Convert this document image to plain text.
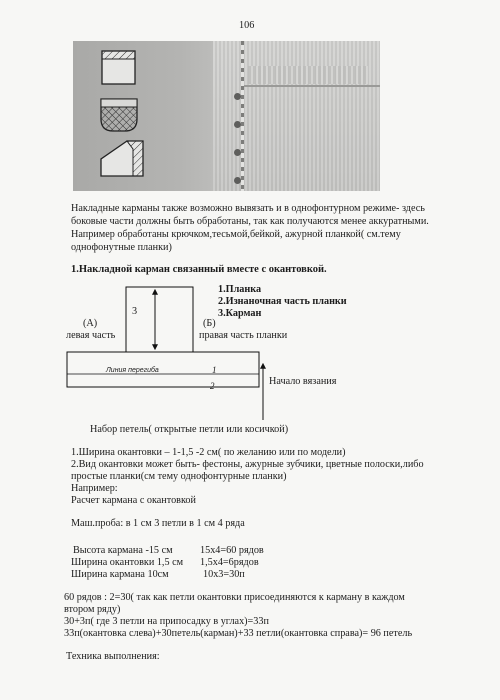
106
Накладные карманы также возможно вывязать и в однофонтурном режиме- здесь
боковые части должны быть обработаны, так как получаются менее аккуратными.
Например обработаны крючком,тесьмой,бейкой, ажурной планкой( см.тему
однофонутные планки)
1.Накладной карман связанный вместе с окантовкой.
3
Линия перегиба	1
2
1.Планка
2.Изнаночная часть планки
3.Карман
(А)
левая часть
(Б)
правая часть планки
Начало вязания
Набор петель( открытые петли или косичкой)
1.Ширина окантовки – 1-1,5 -2 см( по желанию или по модели)
2.Вид окантовки может быть- фестоны, ажурные зубчики, цветные полоски,либо
простые планки(см тему однофонтурные планки)
Например:
Расчет кармана с окантовкой
Маш.проба: в 1 см 3 петли в 1 см 4 ряда
Высота кармана -15 см	15х4=60 рядов
Ширина окантовки 1,5 см 1,5х4=6рядов
Ширина кармана 10см	10х3=30п
60 рядов : 2=30( так как петли окантовки присоединяются к карману в каждом
втором ряду)
30+3п( где 3 петли на припосадку в углах)=33п
33п(окантовка слева)+30петель(карман)+33 петли(окантовка справа)= 96 петель
Техника выполнения:
